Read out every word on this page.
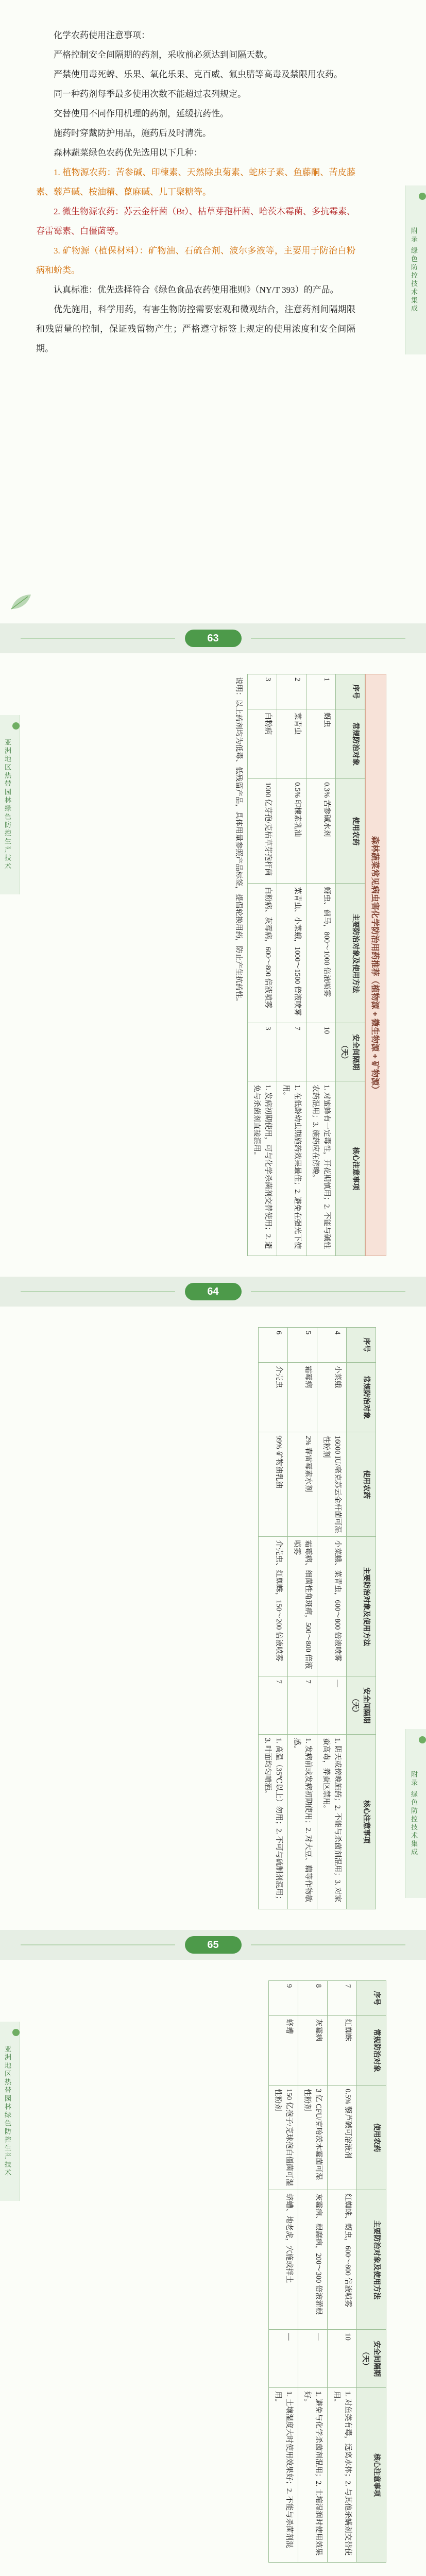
附录 绿色防控技术集成

化学农药使用注意事项：

严格控制安全间隔期的药剂，采收前必须达到间隔天数。

严禁使用毒死蜱、乐果、氧化乐果、克百威、氟虫腈等高毒及禁限用农药。

同一种药剂每季最多使用次数不能超过表列规定。

交替使用不同作用机理的药剂，延缓抗药性。

施药时穿戴防护用品，施药后及时清洗。

森林蔬菜绿色农药优先选用以下几种：

1. 植物源农药：苦参碱、印楝素、天然除虫菊素、蛇床子素、鱼藤酮、苦皮藤素、藜芦碱、桉油精、蓖麻碱、儿丁聚糖等。

2. 微生物源农药：苏云金杆菌（Bt）、枯草芽孢杆菌、哈茨木霉菌、多抗霉素、春雷霉素、白僵菌等。

3. 矿物源（植保材料）：矿物油、石硫合剂、波尔多液等，主要用于防治白粉病和蚧类。

认真标准：优先选择符合《绿色食品农药使用准则》（NY/T 393）的产品。

优先施用，科学用药，有害生物防控需要宏观和微观结合，注意药剂间隔期限和残留量的控制，保证残留物产生；严格遵守标签上规定的使用浓度和安全间隔期。

63
亚洲地区热带园林绿色防控生产技术
森林蔬菜常见病虫害化学防治用药推荐（植物源 + 微生物源 + 矿物源）
序号	常规防治对象	使用农药	主要防治对象及使用方法	安全间隔期（天）	核心注意事项
1	蚜虫	0.3% 苦参碱水剂	蚜虫、蓟马，800～1000 倍液喷雾	10	1. 对蜜蜂有一定毒性，开花期慎用；2. 不能与碱性农药混用；3. 施药应在傍晚。
2	菜青虫	0.5% 印楝素乳油	菜青虫、小菜蛾，1000～1500 倍液喷雾	7	1. 在低龄幼虫期施药效果最佳；2. 避免在强光下使用。
3	白粉病	1000 亿芽孢/克枯草芽孢杆菌	白粉病、灰霉病，600～800 倍液喷雾	3	1. 发病初期使用，可与化学杀菌剂交替使用；2. 避免与杀菌剂直接混用。
说明：以上药剂均为低毒、低残留产品，具体用量参照产品标签，提倡轮换用药，防止产生抗药性。
64
附录 绿色防控技术集成
序号	常规防治对象	使用农药	主要防治对象及使用方法	安全间隔期（天）	核心注意事项
4	小菜蛾	16000 IU/毫克苏云金杆菌可湿性粉剂	小菜蛾、菜青虫，600～800 倍液喷雾	—	1. 阴天或傍晚施药；2. 不能与杀菌剂混用；3. 对家蚕高毒，养蚕区禁用。
5	霜霉病	2% 春雷霉素水剂	霜霉病、细菌性角斑病，500～800 倍液喷雾	7	1. 发病前或发病初期使用；2. 对大豆、藕等作物敏感。
6	介壳虫	99% 矿物油乳油	介壳虫、红蜘蛛，150～200 倍液喷雾	7	1. 高温（35℃以上）勿用；2. 不可与硫制剂混用；3. 叶面均匀喷洒。
65
亚洲地区热带园林绿色防控生产技术
序号	常规防治对象	使用农药	主要防治对象及使用方法	安全间隔期（天）	核心注意事项
7	红蜘蛛	0.5% 藜芦碱可溶液剂	红蜘蛛、蚜虫，600～800 倍液喷雾	10	1. 对鱼类有毒，远离水体；2. 与其他杀螨剂交替使用。
8	灰霉病	3 亿 CFU/克哈茨木霉菌可湿性粉剂	灰霉病、根腐病，200～300 倍液灌根	—	1. 避免与化学杀菌剂混用；2. 土壤湿润时使用效果好。
9	蛴螬	150 亿孢子/克球孢白僵菌可湿性粉剂	蛴螬、地老虎，穴施或拌土	—	1. 土壤湿度大时使用效果好；2. 不能与杀菌剂混用。
